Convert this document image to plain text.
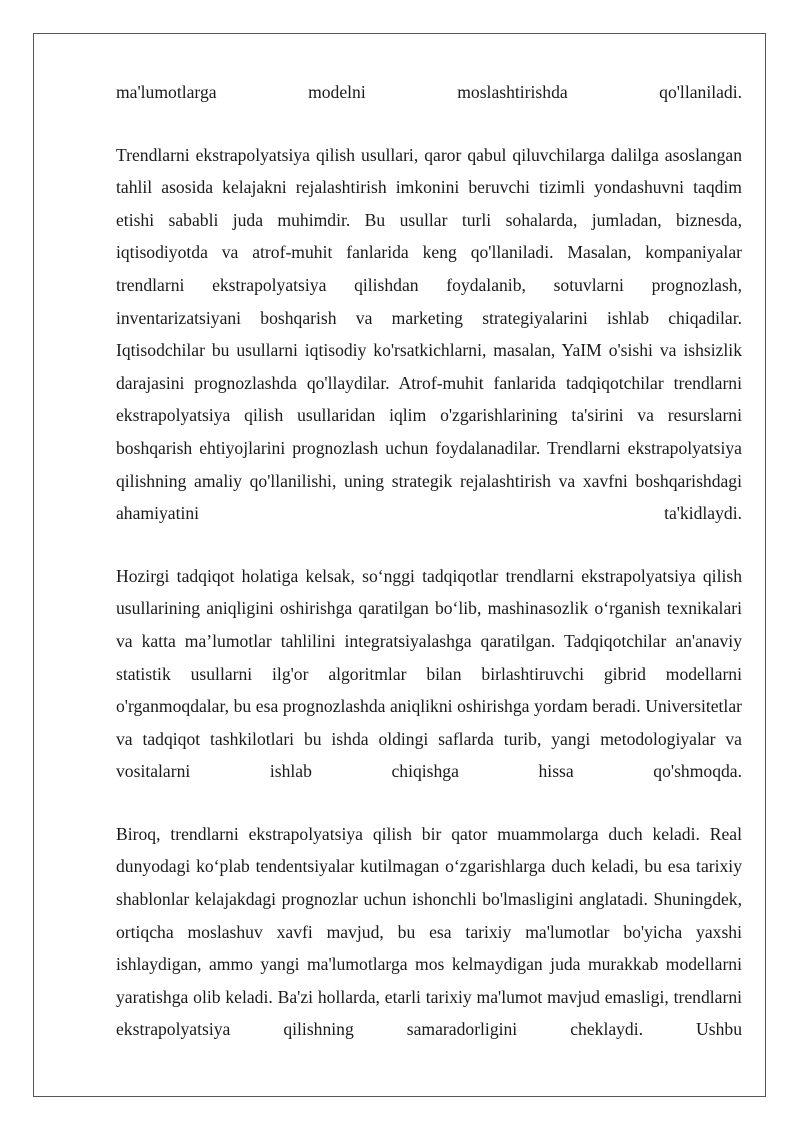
ma'lumotlarga modelni moslashtirishda qo'llaniladi.

Trendlarni ekstrapolyatsiya qilish usullari, qaror qabul qiluvchilarga dalilga asoslangan tahlil asosida kelajakni rejalashtirish imkonini beruvchi tizimli yondashuvni taqdim etishi sababli juda muhimdir. Bu usullar turli sohalarda, jumladan, biznesda, iqtisodiyotda va atrof-muhit fanlarida keng qo'llaniladi. Masalan, kompaniyalar trendlarni ekstrapolyatsiya qilishdan foydalanib, sotuvlarni prognozlash, inventarizatsiyani boshqarish va marketing strategiyalarini ishlab chiqadilar. Iqtisodchilar bu usullarni iqtisodiy ko'rsatkichlarni, masalan, YaIM o'sishi va ishsizlik darajasini prognozlashda qo'llaydilar. Atrof-muhit fanlarida tadqiqotchilar trendlarni ekstrapolyatsiya qilish usullaridan iqlim o'zgarishlarining ta'sirini va resurslarni boshqarish ehtiyojlarini prognozlash uchun foydalanadilar. Trendlarni ekstrapolyatsiya qilishning amaliy qo'llanilishi, uning strategik rejalashtirish va xavfni boshqarishdagi ahamiyatini ta'kidlaydi.

Hozirgi tadqiqot holatiga kelsak, so‘nggi tadqiqotlar trendlarni ekstrapolyatsiya qilish usullarining aniqligini oshirishga qaratilgan bo‘lib, mashinasozlik o‘rganish texnikalari va katta ma’lumotlar tahlilini integratsiyalashga qaratilgan. Tadqiqotchilar an'anaviy statistik usullarni ilg'or algoritmlar bilan birlashtiruvchi gibrid modellarni o'rganmoqdalar, bu esa prognozlashda aniqlikni oshirishga yordam beradi. Universitetlar va tadqiqot tashkilotlari bu ishda oldingi saflarda turib, yangi metodologiyalar va vositalarni ishlab chiqishga hissa qo'shmoqda.

Biroq, trendlarni ekstrapolyatsiya qilish bir qator muammolarga duch keladi. Real dunyodagi ko‘plab tendentsiyalar kutilmagan o‘zgarishlarga duch keladi, bu esa tarixiy shablonlar kelajakdagi prognozlar uchun ishonchli bo'lmasligini anglatadi. Shuningdek, ortiqcha moslashuv xavfi mavjud, bu esa tarixiy ma'lumotlar bo'yicha yaxshi ishlaydigan, ammo yangi ma'lumotlarga mos kelmaydigan juda murakkab modellarni yaratishga olib keladi. Ba'zi hollarda, etarli tarixiy ma'lumot mavjud emasligi, trendlarni ekstrapolyatsiya qilishning samaradorligini cheklaydi. Ushbu
